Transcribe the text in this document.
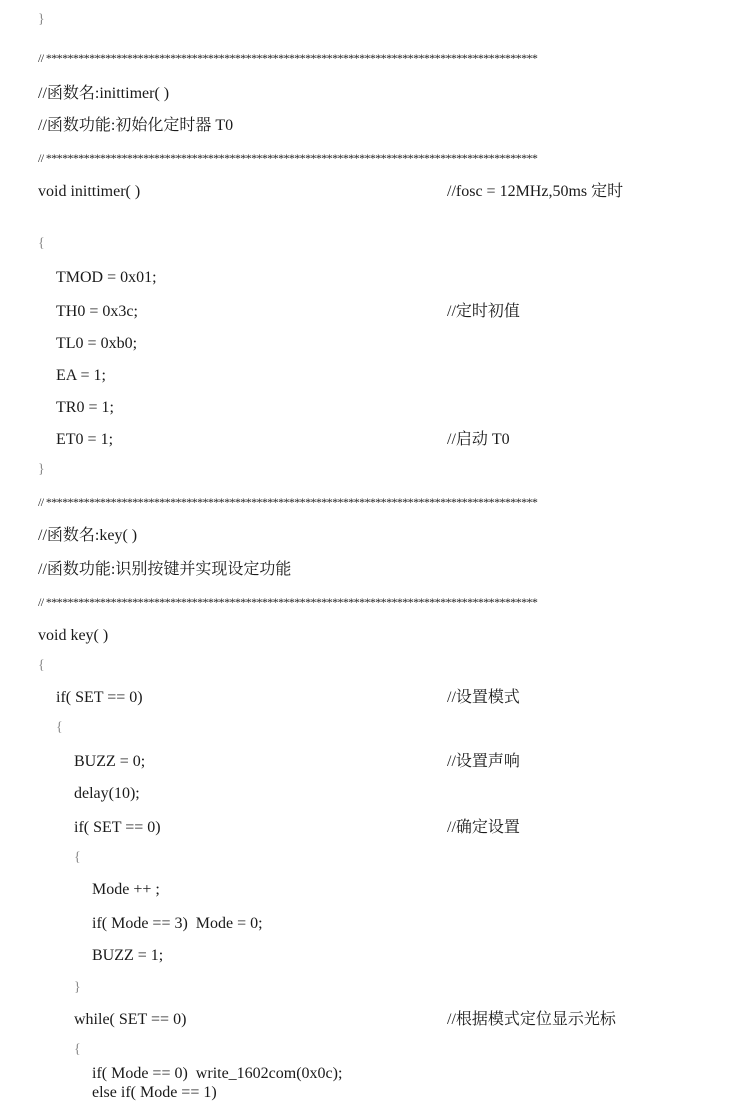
}
// *******************************************************************************************
//函数名:inittimer( )
//函数功能:初始化定时器 T0
// *******************************************************************************************
void inittimer( )	//fosc = 12MHz,50ms 定时
{
TMOD = 0x01;
TH0 = 0x3c;	//定时初值
TL0 = 0xb0;
EA = 1;
TR0 = 1;
ET0 = 1;	//启动 T0
}
// *******************************************************************************************
//函数名:key( )
//函数功能:识别按键并实现设定功能
// *******************************************************************************************
void key( )
{
if( SET == 0)	//设置模式
{
BUZZ = 0;	//设置声响
delay(10);
if( SET == 0)	//确定设置
{
Mode ++ ;
if( Mode == 3)  Mode = 0;
BUZZ = 1;
}
while( SET == 0)	//根据模式定位显示光标
{
if( Mode == 0)  write_1602com(0x0c);
else if( Mode == 1)
